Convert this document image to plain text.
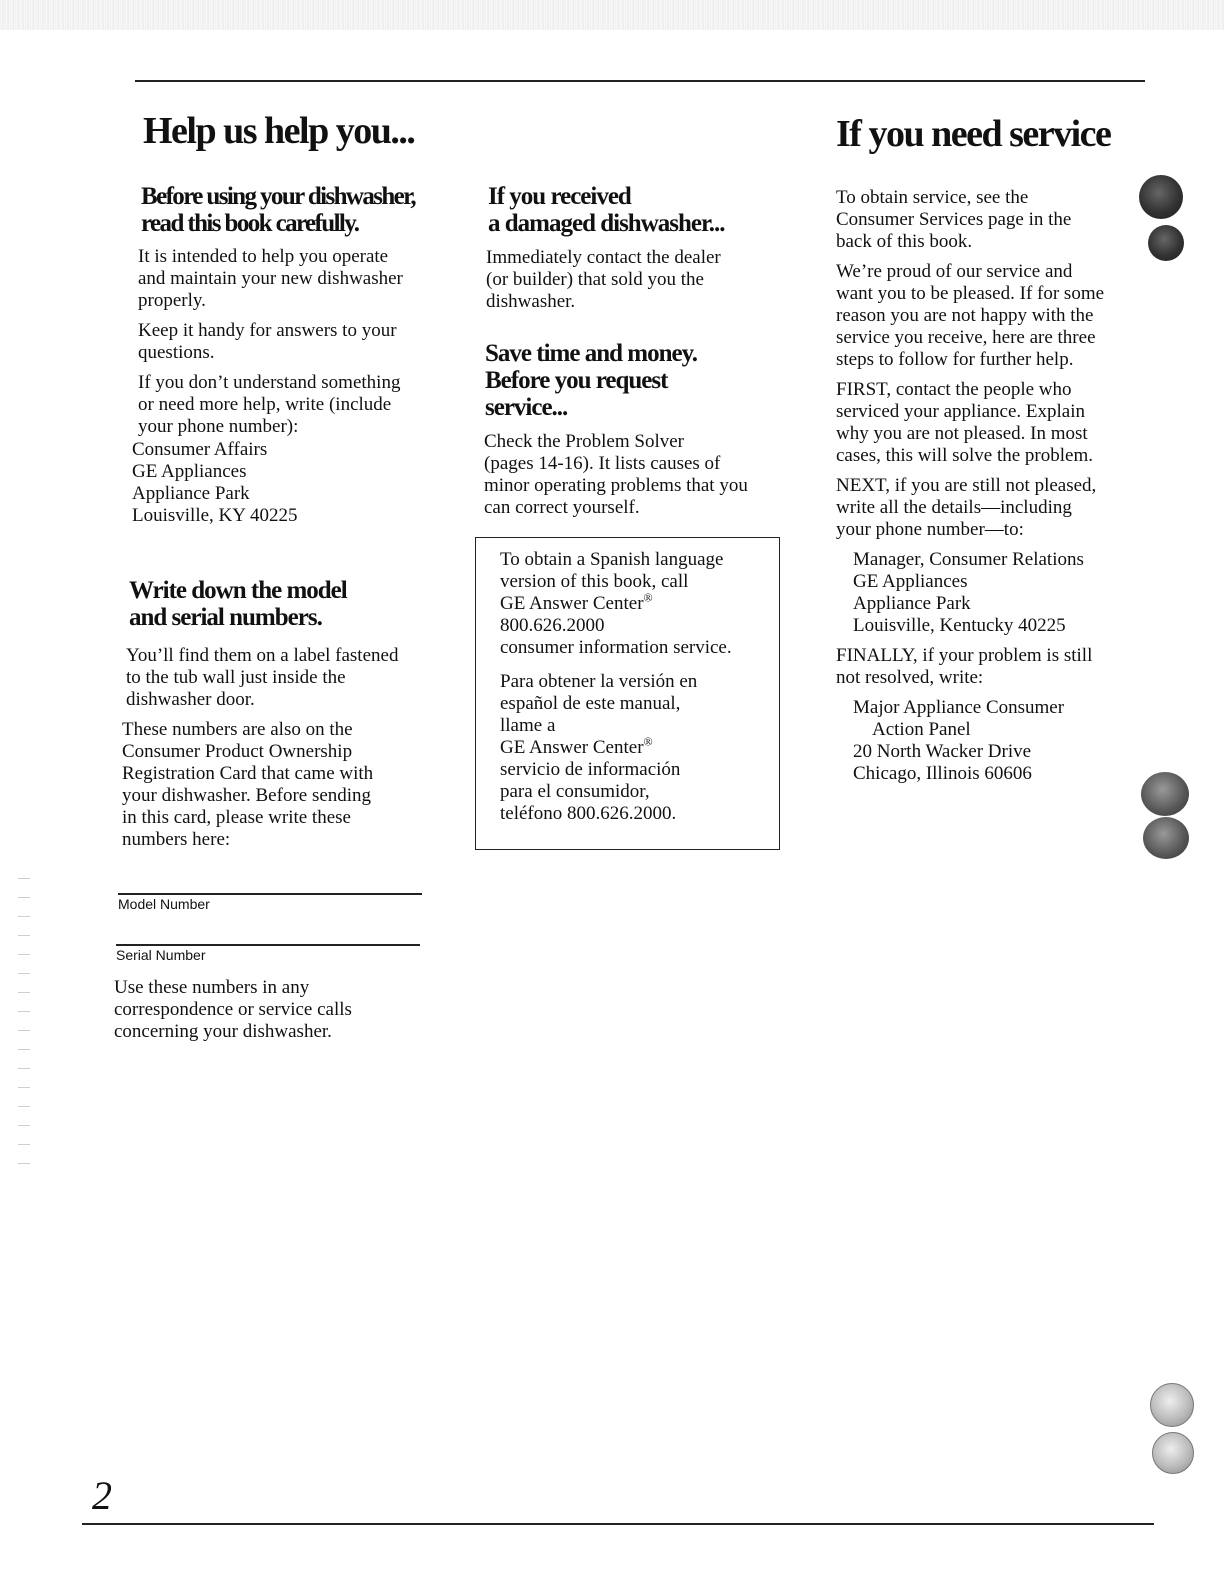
Help us help you...	If you need service
Before using your dishwasher,
read this book carefully.

It is intended to help you operate
and maintain your new dishwasher
properly.

Keep it handy for answers to your
questions.

If you don’t understand something
or need more help, write (include
your phone number):

Consumer Affairs
GE Appliances
Appliance Park
Louisville, KY 40225
Write down the model
and serial numbers.

You’ll find them on a label fastened
to the tub wall just inside the
dishwasher door.

These numbers are also on the
Consumer Product Ownership
Registration Card that came with
your dishwasher. Before sending
in this card, please write these
numbers here:

Model Number
Serial Number

Use these numbers in any
correspondence or service calls
concerning your dishwasher.

If you received
a damaged dishwasher...

Immediately contact the dealer
(or builder) that sold you the
dishwasher.

Save time and money.
Before you request
service...

Check the Problem Solver
(pages 14-16). It lists causes of
minor operating problems that you
can correct yourself.

To obtain a Spanish language
version of this book, call
GE Answer Center®
800.626.2000
consumer information service.

Para obtener la versión en
español de este manual,
llame a
GE Answer Center®
servicio de información
para el consumidor,
teléfono 800.626.2000.

To obtain service, see the
Consumer Services page in the
back of this book.

We’re proud of our service and
want you to be pleased. If for some
reason you are not happy with the
service you receive, here are three
steps to follow for further help.

FIRST, contact the people who
serviced your appliance. Explain
why you are not pleased. In most
cases, this will solve the problem.

NEXT, if you are still not pleased,
write all the details—including
your phone number—to:

Manager, Consumer Relations
GE Appliances
Appliance Park
Louisville, Kentucky 40225

FINALLY, if your problem is still
not resolved, write:

Major Appliance Consumer
Action Panel
20 North Wacker Drive
Chicago, Illinois 60606
2
